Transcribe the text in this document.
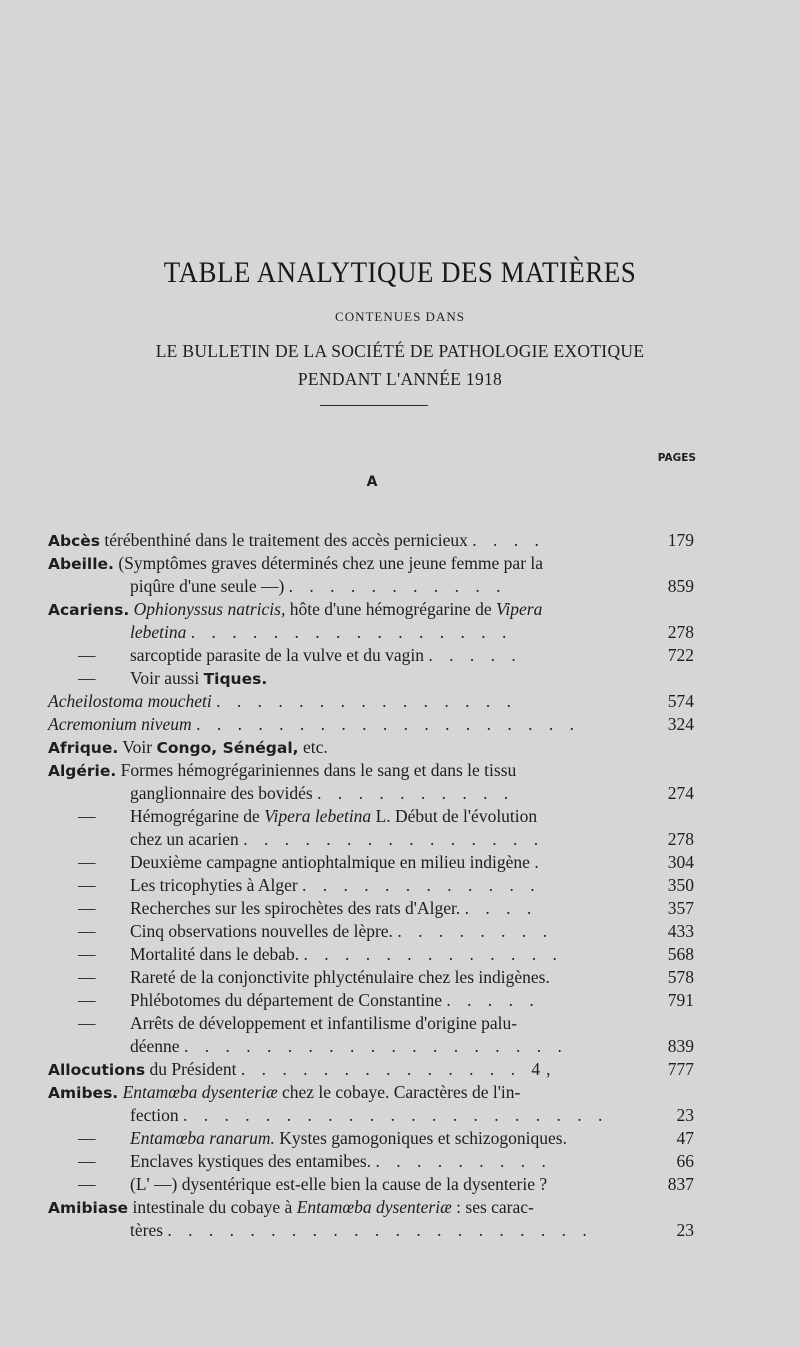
TABLE ANALYTIQUE DES MATIÈRES
CONTENUES DANS
LE BULLETIN DE LA SOCIÉTÉ DE PATHOLOGIE EXOTIQUE
PENDANT L'ANNÉE 1918
PAGES
A
Abcès térébenthiné dans le traitement des accès pernicieux . . . .	179
Abeille. (Symptômes graves déterminés chez une jeune femme par la
piqûre d'une seule —) . . . . . . . . . . .	859
Acariens. Ophionyssus natricis, hôte d'une hémogrégarine de Vipera
lebetina . . . . . . . . . . . . . . . .	278
— sarcoptide parasite de la vulve et du vagin . . . . .	722
— Voir aussi Tiques.
Acheilostoma moucheti . . . . . . . . . . . . . . .	574
Acremonium niveum . . . . . . . . . . . . . . . . . . .	324
Afrique. Voir Congo, Sénégal, etc.
Algérie. Formes hémogrégariniennes dans le sang et dans le tissu
ganglionnaire des bovidés . . . . . . . . . .	274
— Hémogrégarine de Vipera lebetina L. Début de l'évolution
chez un acarien . . . . . . . . . . . . . . .	278
— Deuxième campagne antiophtalmique en milieu indigène .	304
— Les tricophyties à Alger . . . . . . . . . . . .	350
— Recherches sur les spirochètes des rats d'Alger. . . . .	357
— Cinq observations nouvelles de lèpre. . . . . . . . .	433
— Mortalité dans le debab. . . . . . . . . . . . . .	568
— Rareté de la conjonctivite phlycténulaire chez les indigènes.	578
— Phlébotomes du département de Constantine . . . . .	791
— Arrêts de développement et infantilisme d'origine palu-
déenne . . . . . . . . . . . . . . . . . . .	839
Allocutions du Président . . . . . . . . . . . . . . 4,	777
Amibes. Entamœba dysenteriæ chez le cobaye. Caractères de l'in-
fection . . . . . . . . . . . . . . . . . . . . .	23
— Entamœba ranarum. Kystes gamogoniques et schizogoniques.	47
— Enclaves kystiques des entamibes. . . . . . . . . .	66
— (L' —) dysentérique est-elle bien la cause de la dysenterie ?	837
Amibiase intestinale du cobaye à Entamœba dysenteriæ : ses carac-
tères . . . . . . . . . . . . . . . . . . . . .	23
